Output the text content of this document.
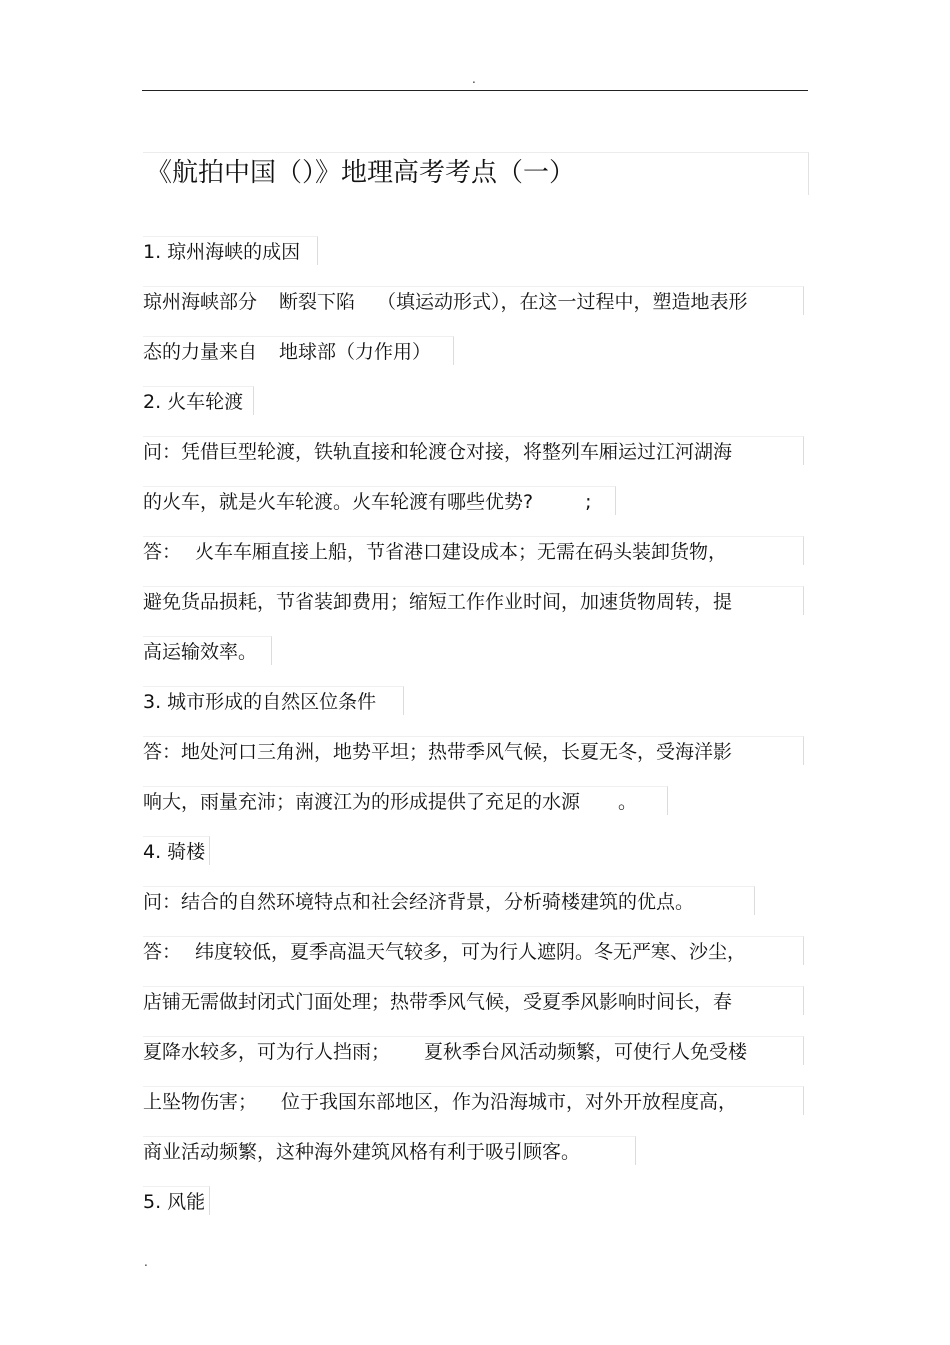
.
《航拍中国（）》地理高考考点（一）
1. 琼州海峡的成因
琼州海峡部分 断裂下陷 （填运动形式），在这一过程中，塑造地表形
态的力量来自 地球部（力作用）
2. 火车轮渡
问：凭借巨型轮渡，铁轨直接和轮渡仓对接，将整列车厢运过江河湖海
的火车，就是火车轮渡。火车轮渡有哪些优势?	;
答： 火车车厢直接上船，节省港口建设成本；无需在码头装卸货物，
避免货品损耗，节省装卸费用；缩短工作作业时间，加速货物周转，提
高运输效率。
3. 城市形成的自然区位条件
答：地处河口三角洲，地势平坦；热带季风气候，长夏无冬，受海洋影
响大，雨量充沛；南渡江为的形成提供了充足的水源 。
4. 骑楼
问：结合的自然环境特点和社会经济背景，分析骑楼建筑的优点。
答： 纬度较低，夏季高温天气较多，可为行人遮阴。冬无严寒、沙尘，
店铺无需做封闭式门面处理；热带季风气候，受夏季风影响时间长，春
夏降水较多，可为行人挡雨； 夏秋季台风活动频繁，可使行人免受楼
上坠物伤害； 位于我国东部地区，作为沿海城市，对外开放程度高，
商业活动频繁，这种海外建筑风格有利于吸引顾客。
5. 风能
.
